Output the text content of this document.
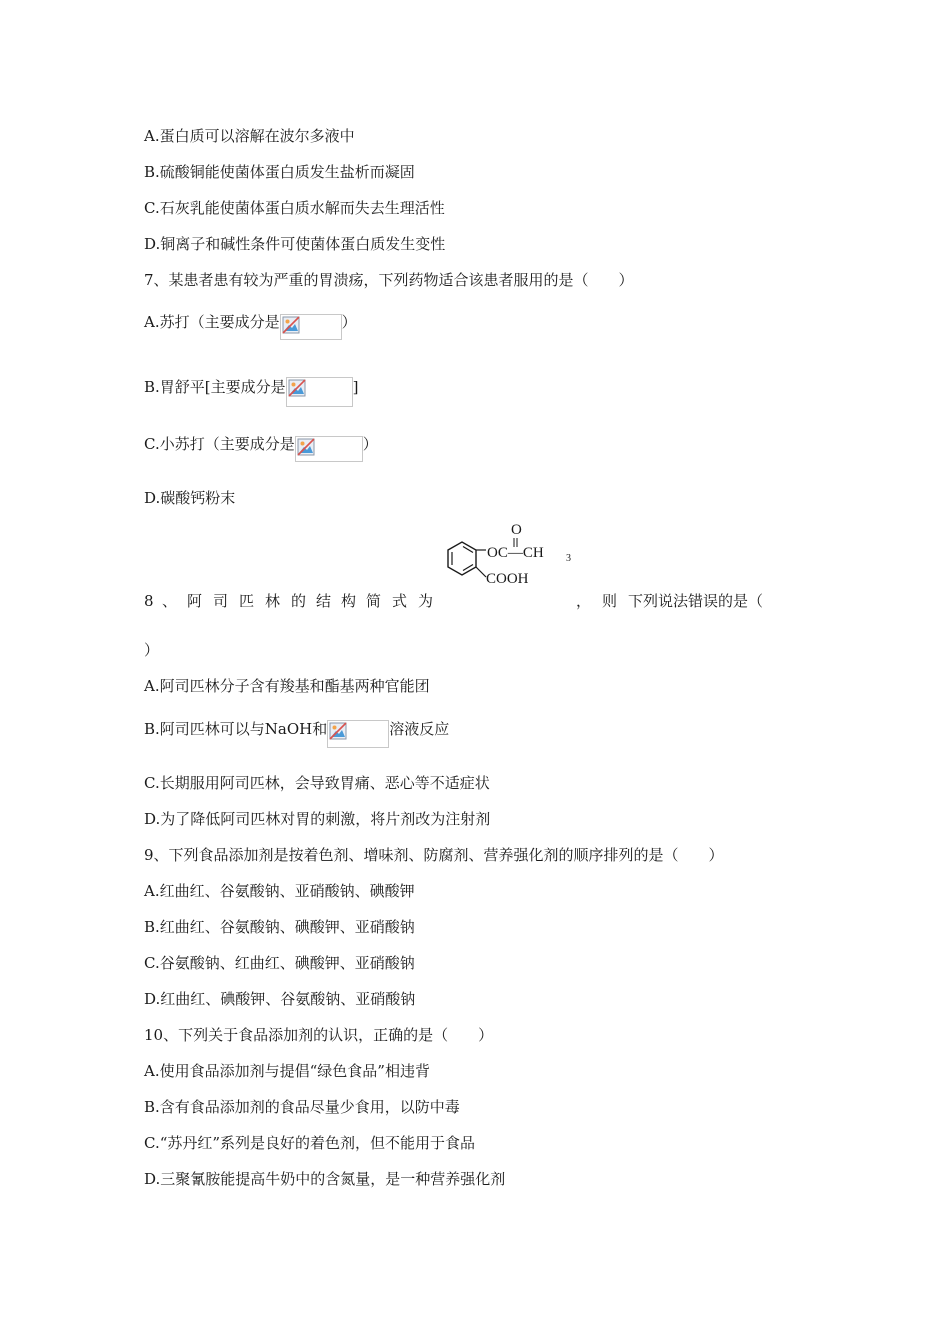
A.蛋白质可以溶解在波尔多液中
B.硫酸铜能使菌体蛋白质发生盐析而凝固
C.石灰乳能使菌体蛋白质水解而失去生理活性
D.铜离子和碱性条件可使菌体蛋白质发生变性
7、某患者患有较为严重的胃溃疡，下列药物适合该患者服用的是（　　）
A.苏打（主要成分是	）
B.胃舒平[主要成分是	]
C.小苏打（主要成分是	）
D.碳酸钙粉末
8 、 阿 司 匹 林 的 结 构 简 式 为	， 则 下列说法错误的是（
O
OC—CH 3
COOH
）
A.阿司匹林分子含有羧基和酯基两种官能团
B.阿司匹林可以与NaOH和	溶液反应
C.长期服用阿司匹林，会导致胃痛、恶心等不适症状
D.为了降低阿司匹林对胃的刺激，将片剂改为注射剂
9、下列食品添加剂是按着色剂、增味剂、防腐剂、营养强化剂的顺序排列的是（　　）
A.红曲红、谷氨酸钠、亚硝酸钠、碘酸钾
B.红曲红、谷氨酸钠、碘酸钾、亚硝酸钠
C.谷氨酸钠、红曲红、碘酸钾、亚硝酸钠
D.红曲红、碘酸钾、谷氨酸钠、亚硝酸钠
10、下列关于食品添加剂的认识，正确的是（　　）
A.使用食品添加剂与提倡“绿色食品”相违背
B.含有食品添加剂的食品尽量少食用，以防中毒
C.“苏丹红”系列是良好的着色剂，但不能用于食品
D.三聚氰胺能提高牛奶中的含氮量，是一种营养强化剂
